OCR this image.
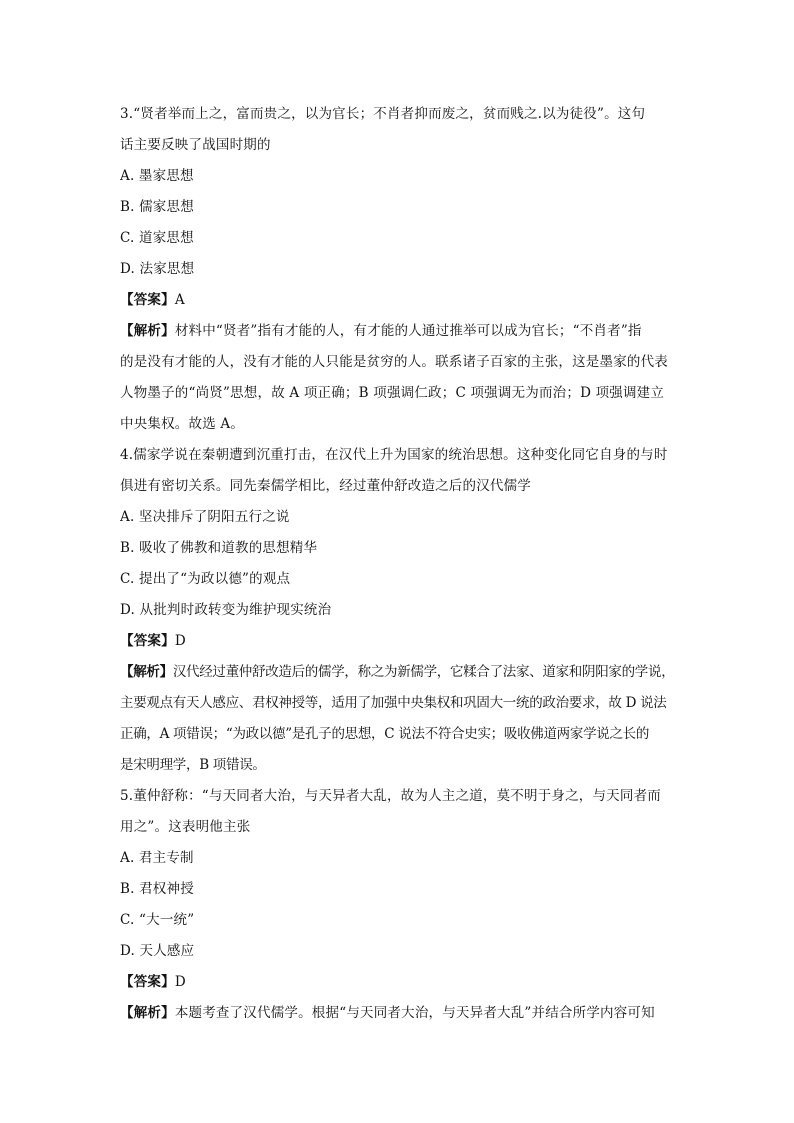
3.“贤者举而上之，富而贵之，以为官长；不肖者抑而废之，贫而贱之.以为徒役”。这句
话主要反映了战国时期的
A. 墨家思想
B. 儒家思想
C. 道家思想
D. 法家思想
【答案】A
【解析】材料中“贤者”指有才能的人，有才能的人通过推举可以成为官长；“不肖者”指
的是没有才能的人，没有才能的人只能是贫穷的人。联系诸子百家的主张，这是墨家的代表
人物墨子的“尚贤”思想，故 A 项正确；B 项强调仁政；C 项强调无为而治；D 项强调建立
中央集权。故选 A。
4.儒家学说在秦朝遭到沉重打击，在汉代上升为国家的统治思想。这种变化同它自身的与时
俱进有密切关系。同先秦儒学相比，经过董仲舒改造之后的汉代儒学
A. 坚决排斥了阴阳五行之说
B. 吸收了佛教和道教的思想精华
C. 提出了“为政以德”的观点
D. 从批判时政转变为维护现实统治
【答案】D
【解析】汉代经过董仲舒改造后的儒学，称之为新儒学，它糅合了法家、道家和阴阳家的学说，
主要观点有天人感应、君权神授等，适用了加强中央集权和巩固大一统的政治要求，故 D 说法
正确，A 项错误；“为政以德”是孔子的思想，C 说法不符合史实；吸收佛道两家学说之长的
是宋明理学，B 项错误。
5.董仲舒称：“与天同者大治，与天异者大乱，故为人主之道，莫不明于身之，与天同者而
用之”。这表明他主张
A. 君主专制
B. 君权神授
C. “大一统”
D. 天人感应
【答案】D
【解析】本题考查了汉代儒学。根据“与天同者大治，与天异者大乱”并结合所学内容可知
